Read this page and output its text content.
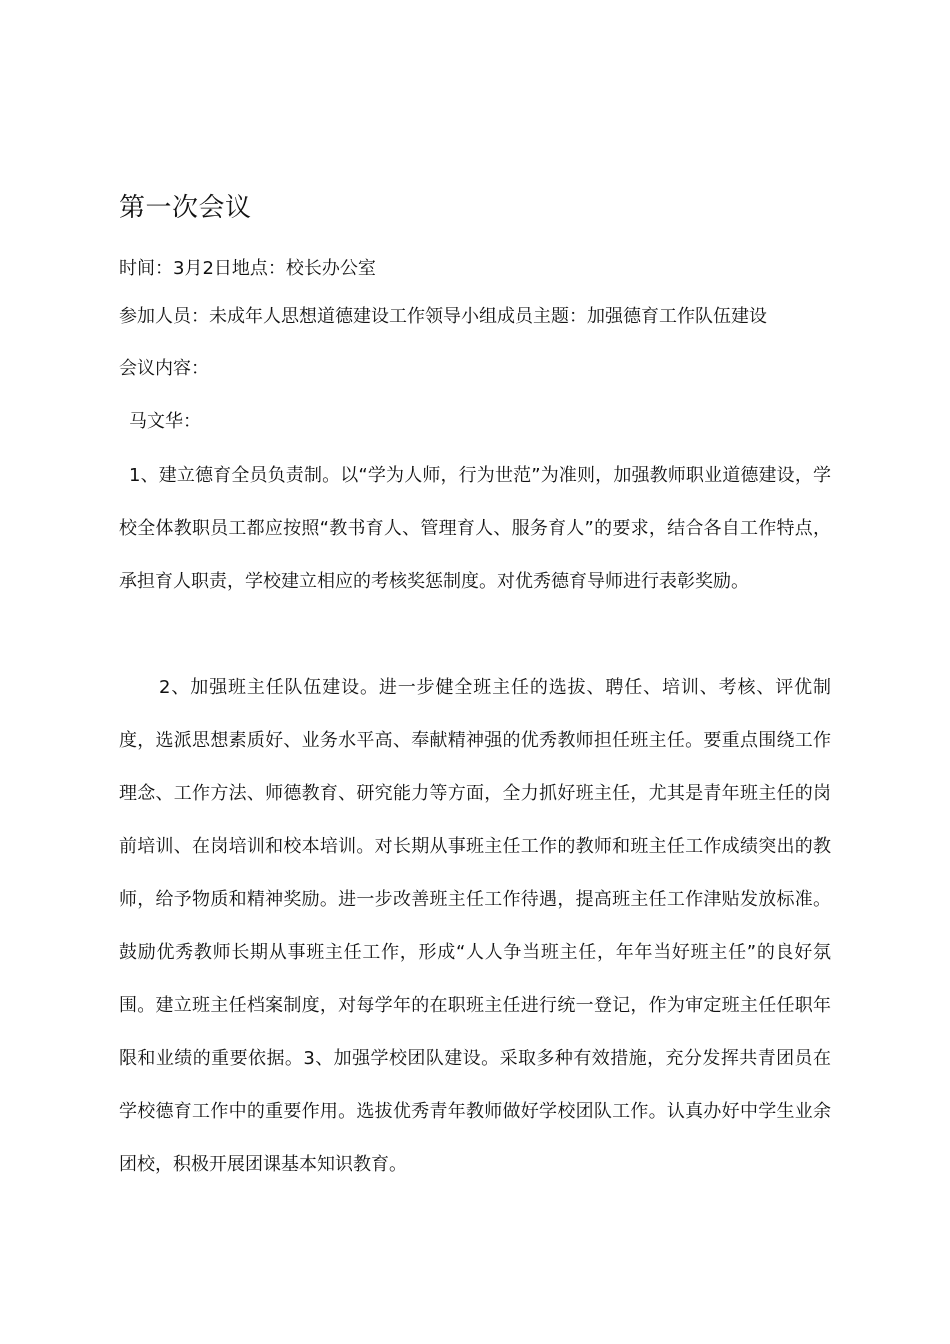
第一次会议

时间：3月2日地点：校长办公室

参加人员：未成年人思想道德建设工作领导小组成员主题：加强德育工作队伍建设

会议内容：

马文华：

1、建立德育全员负责制。以“学为人师，行为世范”为准则，加强教师职业道德建设，学校全体教职员工都应按照“教书育人、管理育人、服务育人”的要求，结合各自工作特点，承担育人职责，学校建立相应的考核奖惩制度。对优秀德育导师进行表彰奖励。

2、加强班主任队伍建设。进一步健全班主任的选拔、聘任、培训、考核、评优制度，选派思想素质好、业务水平高、奉献精神强的优秀教师担任班主任。要重点围绕工作理念、工作方法、师德教育、研究能力等方面，全力抓好班主任，尤其是青年班主任的岗前培训、在岗培训和校本培训。对长期从事班主任工作的教师和班主任工作成绩突出的教师，给予物质和精神奖励。进一步改善班主任工作待遇，提高班主任工作津贴发放标准。鼓励优秀教师长期从事班主任工作，形成“人人争当班主任，年年当好班主任”的良好氛围。建立班主任档案制度，对每学年的在职班主任进行统一登记，作为审定班主任任职年限和业绩的重要依据。3、加强学校团队建设。采取多种有效措施，充分发挥共青团员在学校德育工作中的重要作用。选拔优秀青年教师做好学校团队工作。认真办好中学生业余团校，积极开展团课基本知识教育。
